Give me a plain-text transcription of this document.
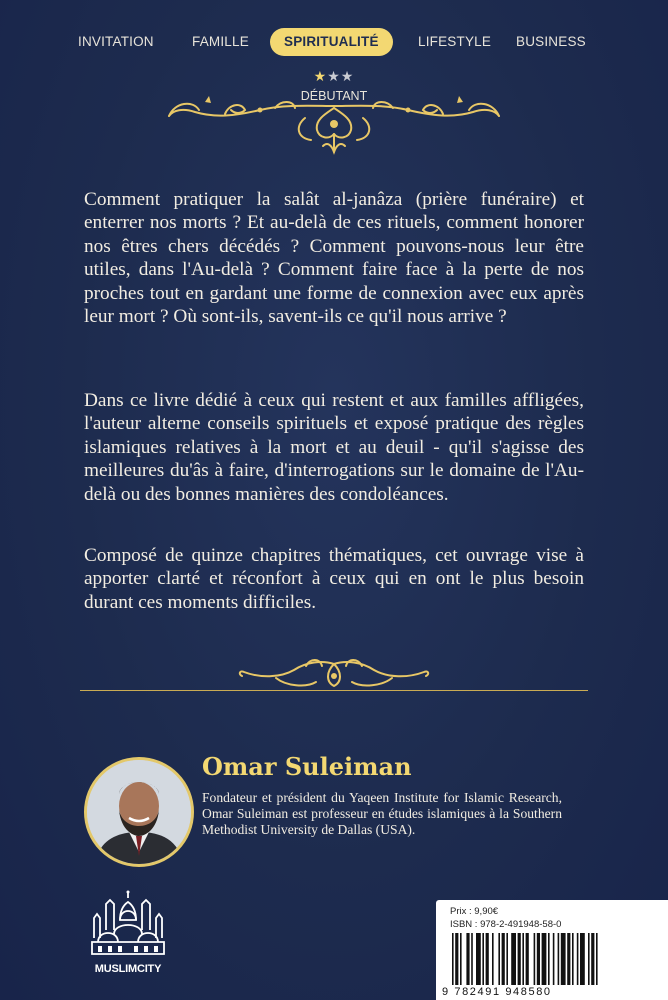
INVITATION	FAMILLE	SPIRITUALITÉ	LIFESTYLE BUSINESS
★★★
DÉBUTANT
Comment pratiquer la salât al-janâza (prière funéraire) et enterrer nos morts ? Et au-delà de ces rituels, comment honorer nos êtres chers décédés ? Comment pouvons-nous leur être utiles, dans l'Au-delà ? Comment faire face à la perte de nos proches tout en gardant une forme de connexion avec eux après leur mort ? Où sont-ils, savent-ils ce qu'il nous arrive ?
Dans ce livre dédié à ceux qui restent et aux familles affligées, l'auteur alterne conseils spirituels et exposé pratique des règles islamiques relatives à la mort et au deuil - qu'il s'agisse des meilleures du'âs à faire, d'interrogations sur le domaine de l'Au-delà ou des bonnes manières des condoléances.
Composé de quinze chapitres thématiques, cet ouvrage vise à apporter clarté et réconfort à ceux qui en ont le plus besoin durant ces moments difficiles.
Omar Suleiman
Fondateur et président du Yaqeen Institute for Islamic Research, Omar Suleiman est professeur en études islamiques à la Southern Methodist University de Dallas (USA).
MUSLIMCITY
Prix : 9,90€
ISBN : 978-2-491948-58-0
9 782491 948580
